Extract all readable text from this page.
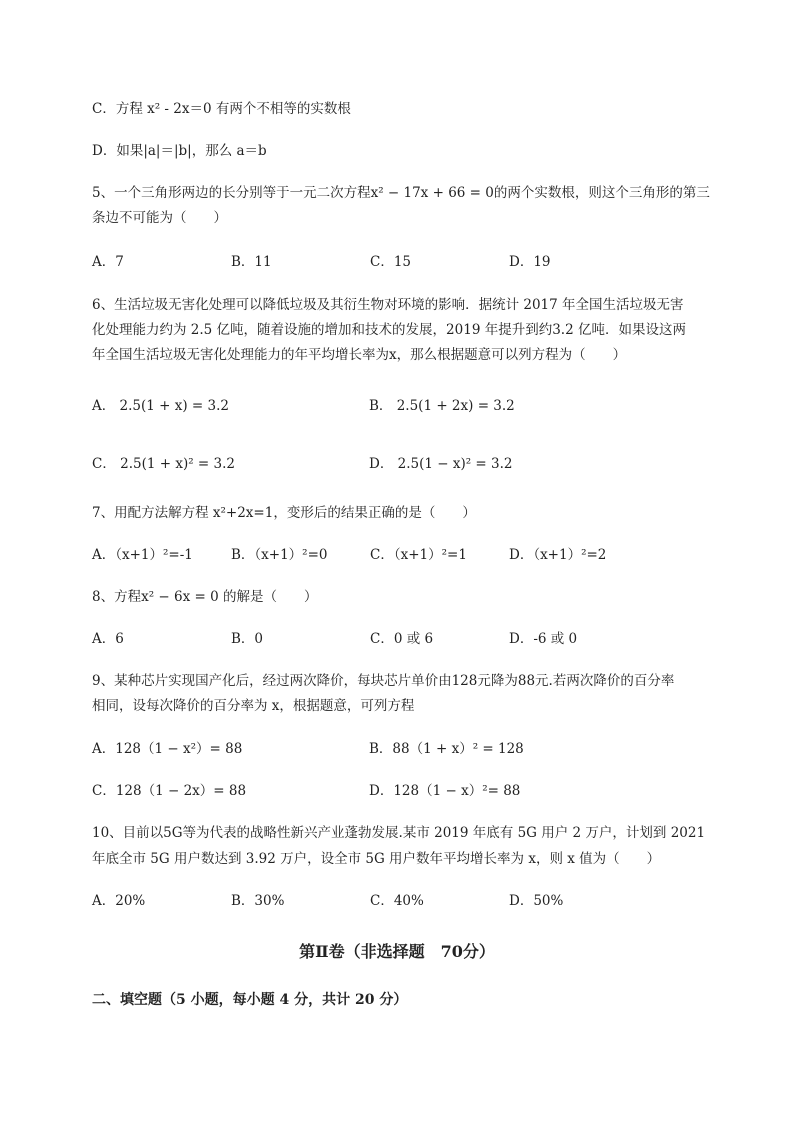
C．方程 x² - 2x＝0 有两个不相等的实数根
D．如果|a|＝|b|，那么 a＝b
5、一个三角形两边的长分别等于一元二次方程x² − 17x + 66 = 0的两个实数根，则这个三角形的第三
条边不可能为（　　）
A．7	B．11	C．15	D．19
6、生活垃圾无害化处理可以降低垃圾及其衍生物对环境的影响．据统计 2017 年全国生活垃圾无害
化处理能力约为 2.5 亿吨，随着设施的增加和技术的发展，2019 年提升到约3.2 亿吨．如果设这两
年全国生活垃圾无害化处理能力的年平均增长率为x，那么根据题意可以列方程为（　　）
A． 2.5(1 + x) = 3.2	B． 2.5(1 + 2x) = 3.2
C． 2.5(1 + x)² = 3.2	D． 2.5(1 − x)² = 3.2
7、用配方法解方程 x²+2x=1，变形后的结果正确的是（　　）
A．（x+1）²=-1	B．（x+1）²=0	C．（x+1）²=1	D．（x+1）²=2
8、方程x² − 6x = 0 的解是（　　）
A．6	B．0	C．0 或 6	D．-6 或 0
9、某种芯片实现国产化后，经过两次降价，每块芯片单价由128元降为88元.若两次降价的百分率
相同，设每次降价的百分率为 x，根据题意，可列方程
A．128（1 − x²）= 88	B．88（1 + x）² = 128
C．128（1 − 2x）= 88	D．128（1 − x）²= 88
10、目前以5G等为代表的战略性新兴产业蓬勃发展.某市 2019 年底有 5G 用户 2 万户，计划到 2021
年底全市 5G 用户数达到 3.92 万户，设全市 5G 用户数年平均增长率为 x，则 x 值为（　　）
A．20%	B．30%	C．40%	D．50%
第Ⅱ卷（非选择题　70分）
二、填空题（5 小题，每小题 4 分，共计 20 分）
